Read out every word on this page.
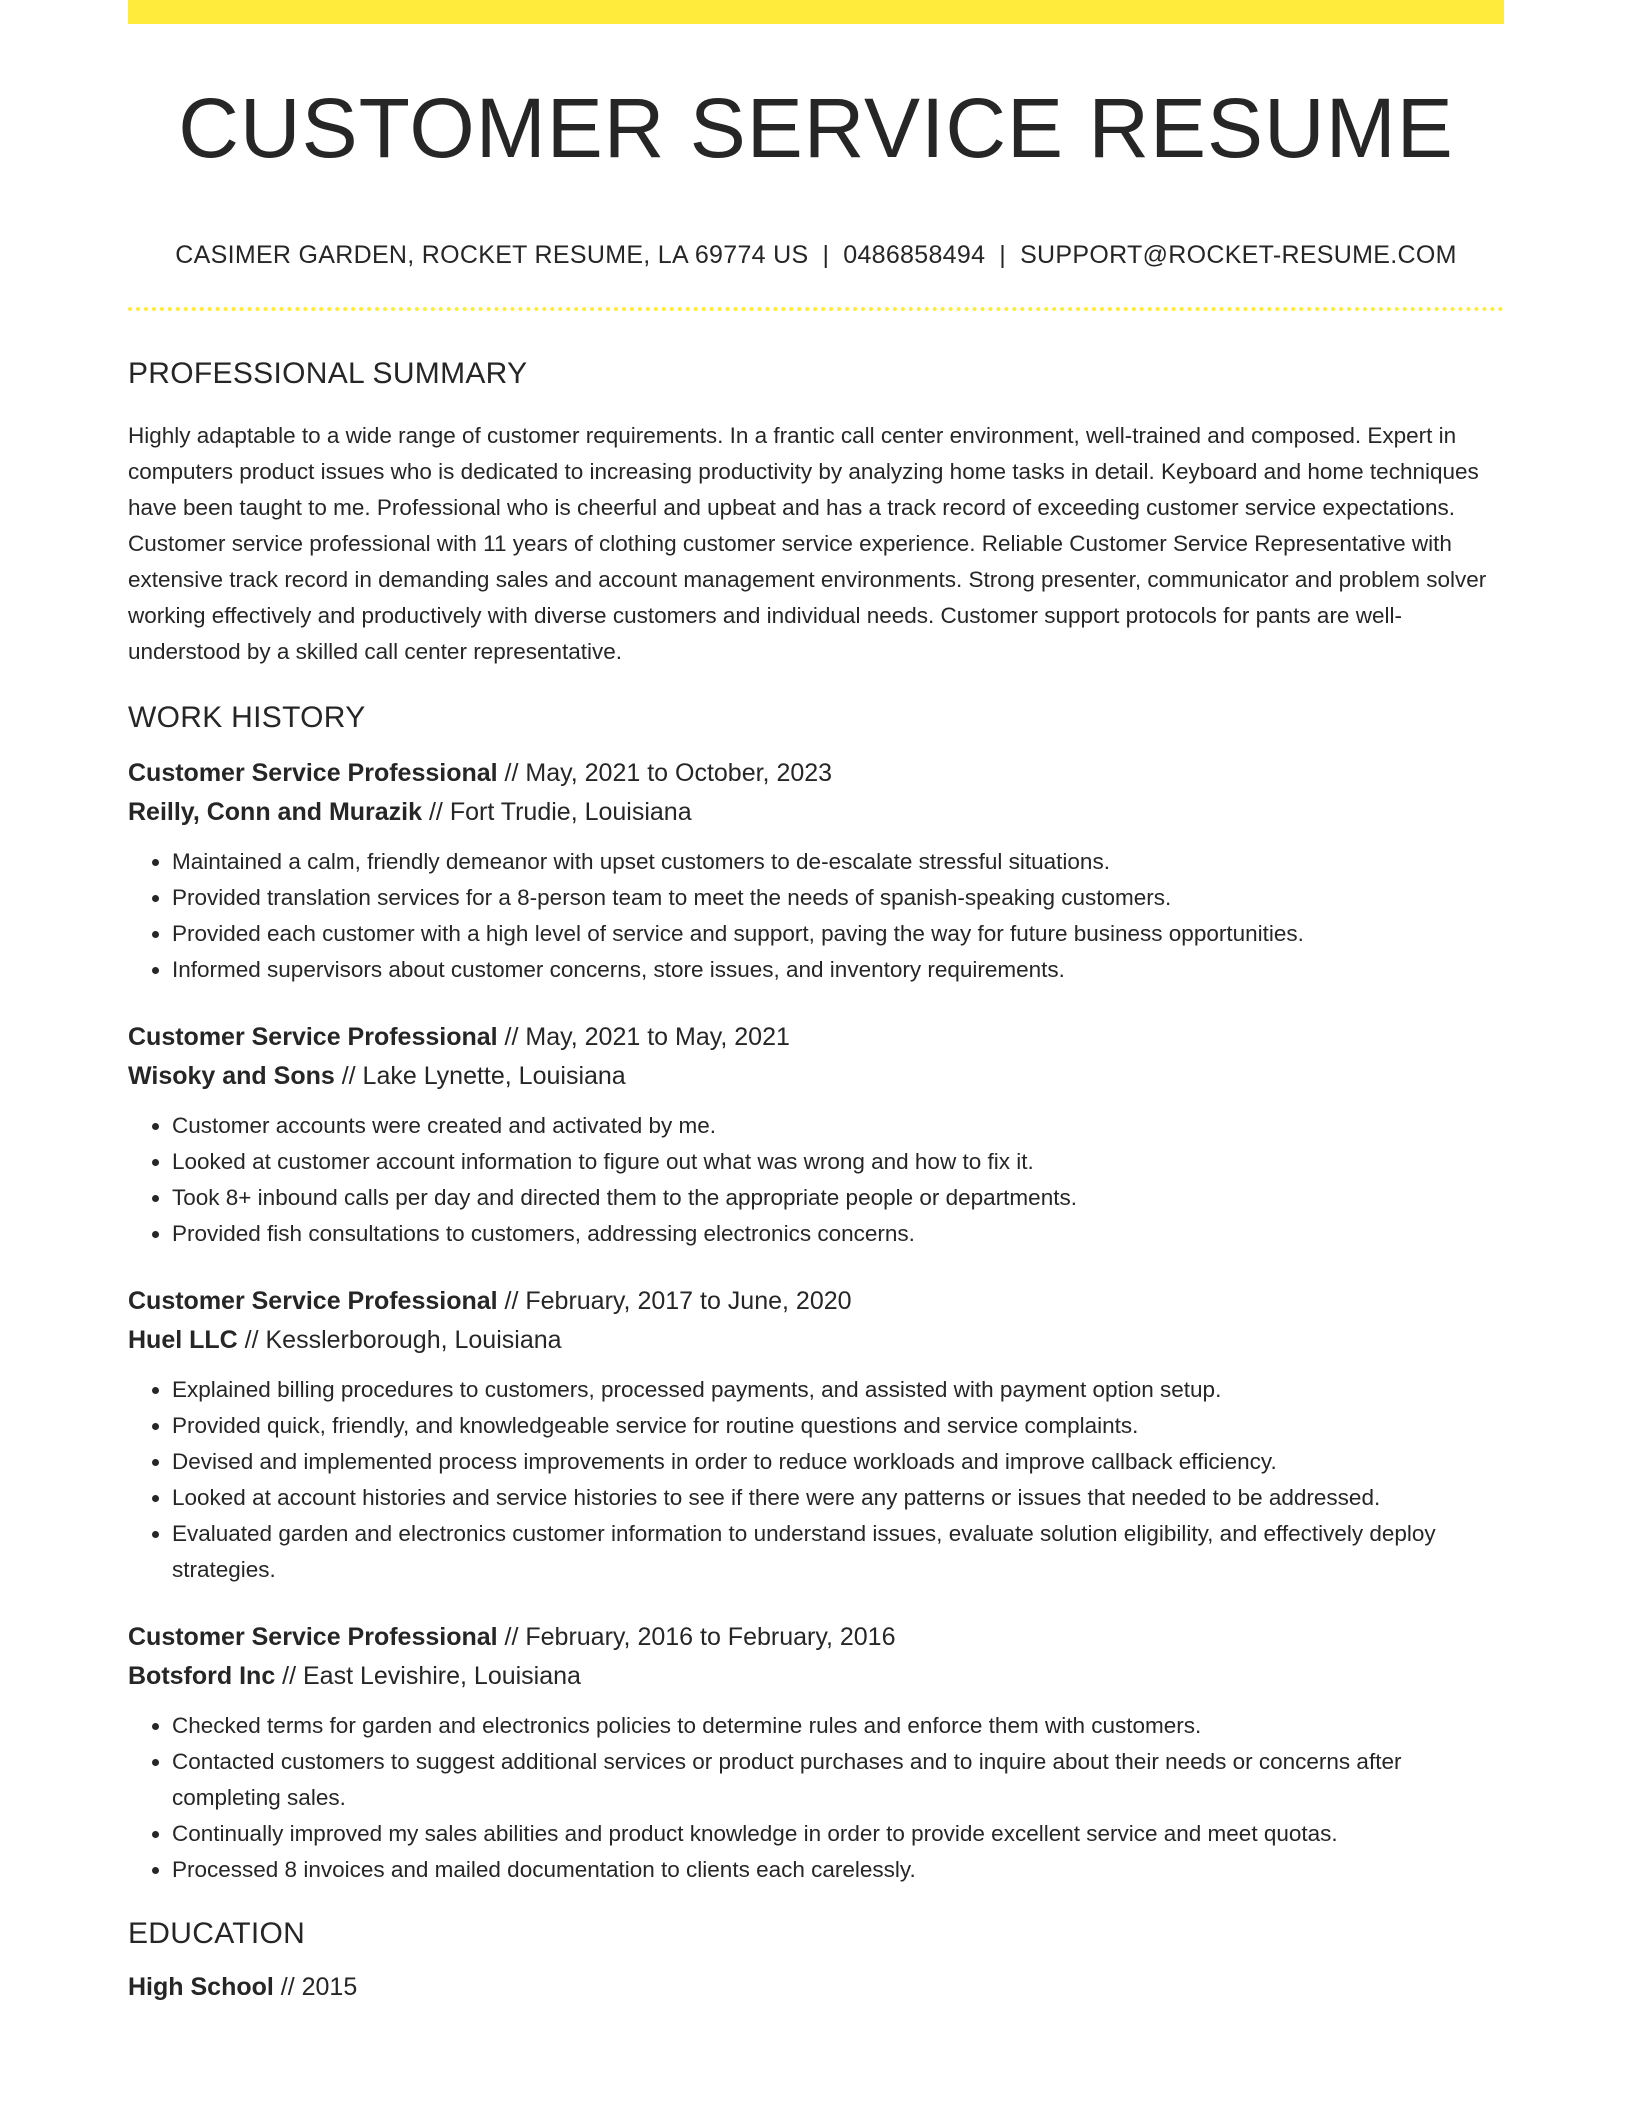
CUSTOMER SERVICE RESUME
CASIMER GARDEN, ROCKET RESUME, LA 69774 US | 0486858494 | SUPPORT@ROCKET-RESUME.COM
PROFESSIONAL SUMMARY

Highly adaptable to a wide range of customer requirements. In a frantic call center environment, well-trained and composed. Expert in computers product issues who is dedicated to increasing productivity by analyzing home tasks in detail. Keyboard and home techniques have been taught to me. Professional who is cheerful and upbeat and has a track record of exceeding customer service expectations. Customer service professional with 11 years of clothing customer service experience. Reliable Customer Service Representative with extensive track record in demanding sales and account management environments. Strong presenter, communicator and problem solver working effectively and productively with diverse customers and individual needs. Customer support protocols for pants are well-understood by a skilled call center representative.

WORK HISTORY
Customer Service Professional // May, 2021 to October, 2023
Reilly, Conn and Murazik // Fort Trudie, Louisiana
• Maintained a calm, friendly demeanor with upset customers to de-escalate stressful situations.
• Provided translation services for a 8-person team to meet the needs of spanish-speaking customers.
• Provided each customer with a high level of service and support, paving the way for future business opportunities.
• Informed supervisors about customer concerns, store issues, and inventory requirements.
Customer Service Professional // May, 2021 to May, 2021
Wisoky and Sons // Lake Lynette, Louisiana
• Customer accounts were created and activated by me.
• Looked at customer account information to figure out what was wrong and how to fix it.
• Took 8+ inbound calls per day and directed them to the appropriate people or departments.
• Provided fish consultations to customers, addressing electronics concerns.
Customer Service Professional // February, 2017 to June, 2020
Huel LLC // Kesslerborough, Louisiana
• Explained billing procedures to customers, processed payments, and assisted with payment option setup.
• Provided quick, friendly, and knowledgeable service for routine questions and service complaints.
• Devised and implemented process improvements in order to reduce workloads and improve callback efficiency.
• Looked at account histories and service histories to see if there were any patterns or issues that needed to be addressed.
• Evaluated garden and electronics customer information to understand issues, evaluate solution eligibility, and effectively deploy strategies.
Customer Service Professional // February, 2016 to February, 2016
Botsford Inc // East Levishire, Louisiana
• Checked terms for garden and electronics policies to determine rules and enforce them with customers.
• Contacted customers to suggest additional services or product purchases and to inquire about their needs or concerns after completing sales.
• Continually improved my sales abilities and product knowledge in order to provide excellent service and meet quotas.
• Processed 8 invoices and mailed documentation to clients each carelessly.
EDUCATION
High School // 2015
